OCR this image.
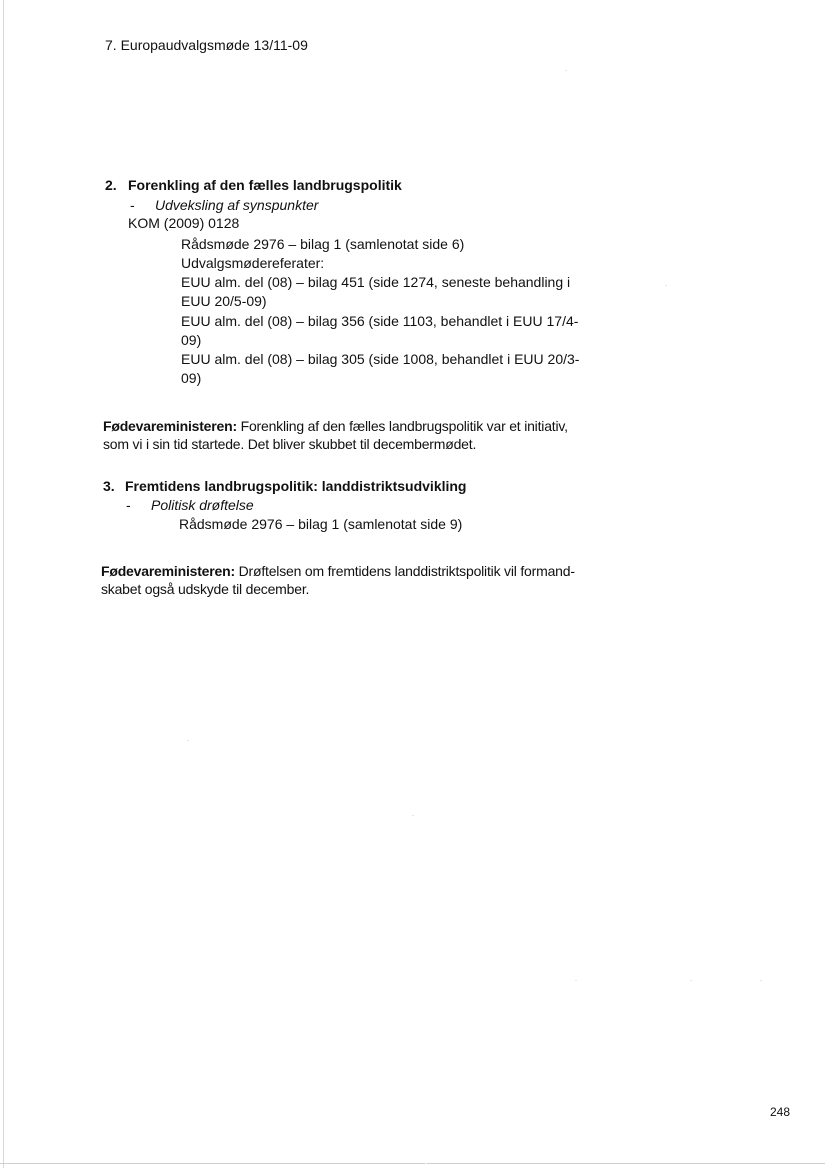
7. Europaudvalgsmøde 13/11-09
2. Forenkling af den fælles landbrugspolitik
- Udveksling af synspunkter
KOM (2009) 0128
Rådsmøde 2976 – bilag 1 (samlenotat side 6)
Udvalgsmødereferater:
EUU alm. del (08) – bilag 451 (side 1274, seneste behandling i
EUU 20/5-09)
EUU alm. del (08) – bilag 356 (side 1103, behandlet i EUU 17/4-
09)
EUU alm. del (08) – bilag 305 (side 1008, behandlet i EUU 20/3-
09)
Fødevareministeren: Forenkling af den fælles landbrugspolitik var et initiativ,
som vi i sin tid startede. Det bliver skubbet til decembermødet.
3. Fremtidens landbrugspolitik: landdistriktsudvikling
- Politisk drøftelse
Rådsmøde 2976 – bilag 1 (samlenotat side 9)
Fødevareministeren: Drøftelsen om fremtidens landdistriktspolitik vil formand-
skabet også udskyde til december.
248
